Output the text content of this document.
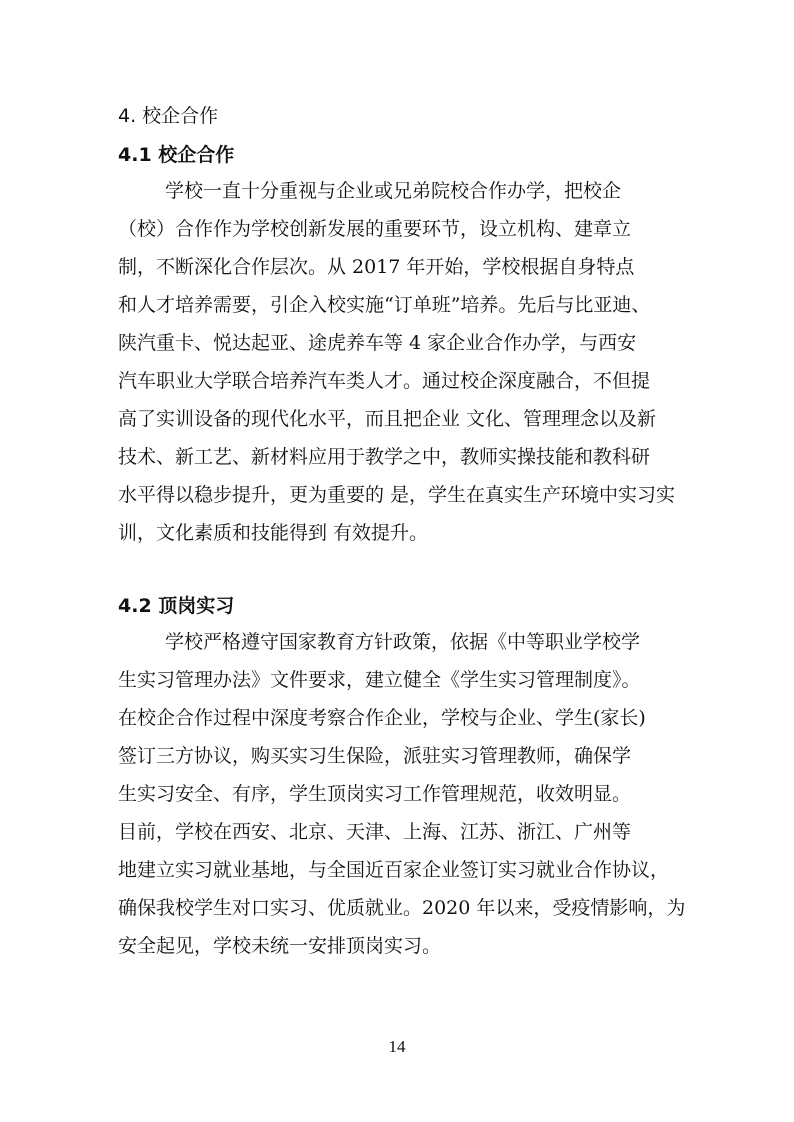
4. 校企合作
4.1 校企合作
学校一直十分重视与企业或兄弟院校合作办学，把校企
（校）合作作为学校创新发展的重要环节，设立机构、建章立
制，不断深化合作层次。从 2017 年开始，学校根据自身特点
和人才培养需要，引企入校实施“订单班”培养。先后与比亚迪、
陕汽重卡、悦达起亚、途虎养车等 4 家企业合作办学，与西安
汽车职业大学联合培养汽车类人才。通过校企深度融合，不但提
高了实训设备的现代化水平，而且把企业 文化、管理理念以及新
技术、新工艺、新材料应用于教学之中，教师实操技能和教科研
水平得以稳步提升，更为重要的 是，学生在真实生产环境中实习实
训，文化素质和技能得到 有效提升。
4.2 顶岗实习
学校严格遵守国家教育方针政策，依据《中等职业学校学
生实习管理办法》文件要求，建立健全《学生实习管理制度》。
在校企合作过程中深度考察合作企业，学校与企业、学生(家长)
签订三方协议，购买实习生保险，派驻实习管理教师，确保学
生实习安全、有序，学生顶岗实习工作管理规范，收效明显。
目前，学校在西安、北京、天津、上海、江苏、浙江、广州等
地建立实习就业基地，与全国近百家企业签订实习就业合作协议，
确保我校学生对口实习、优质就业。2020 年以来，受疫情影响，为
安全起见，学校未统一安排顶岗实习。
14
